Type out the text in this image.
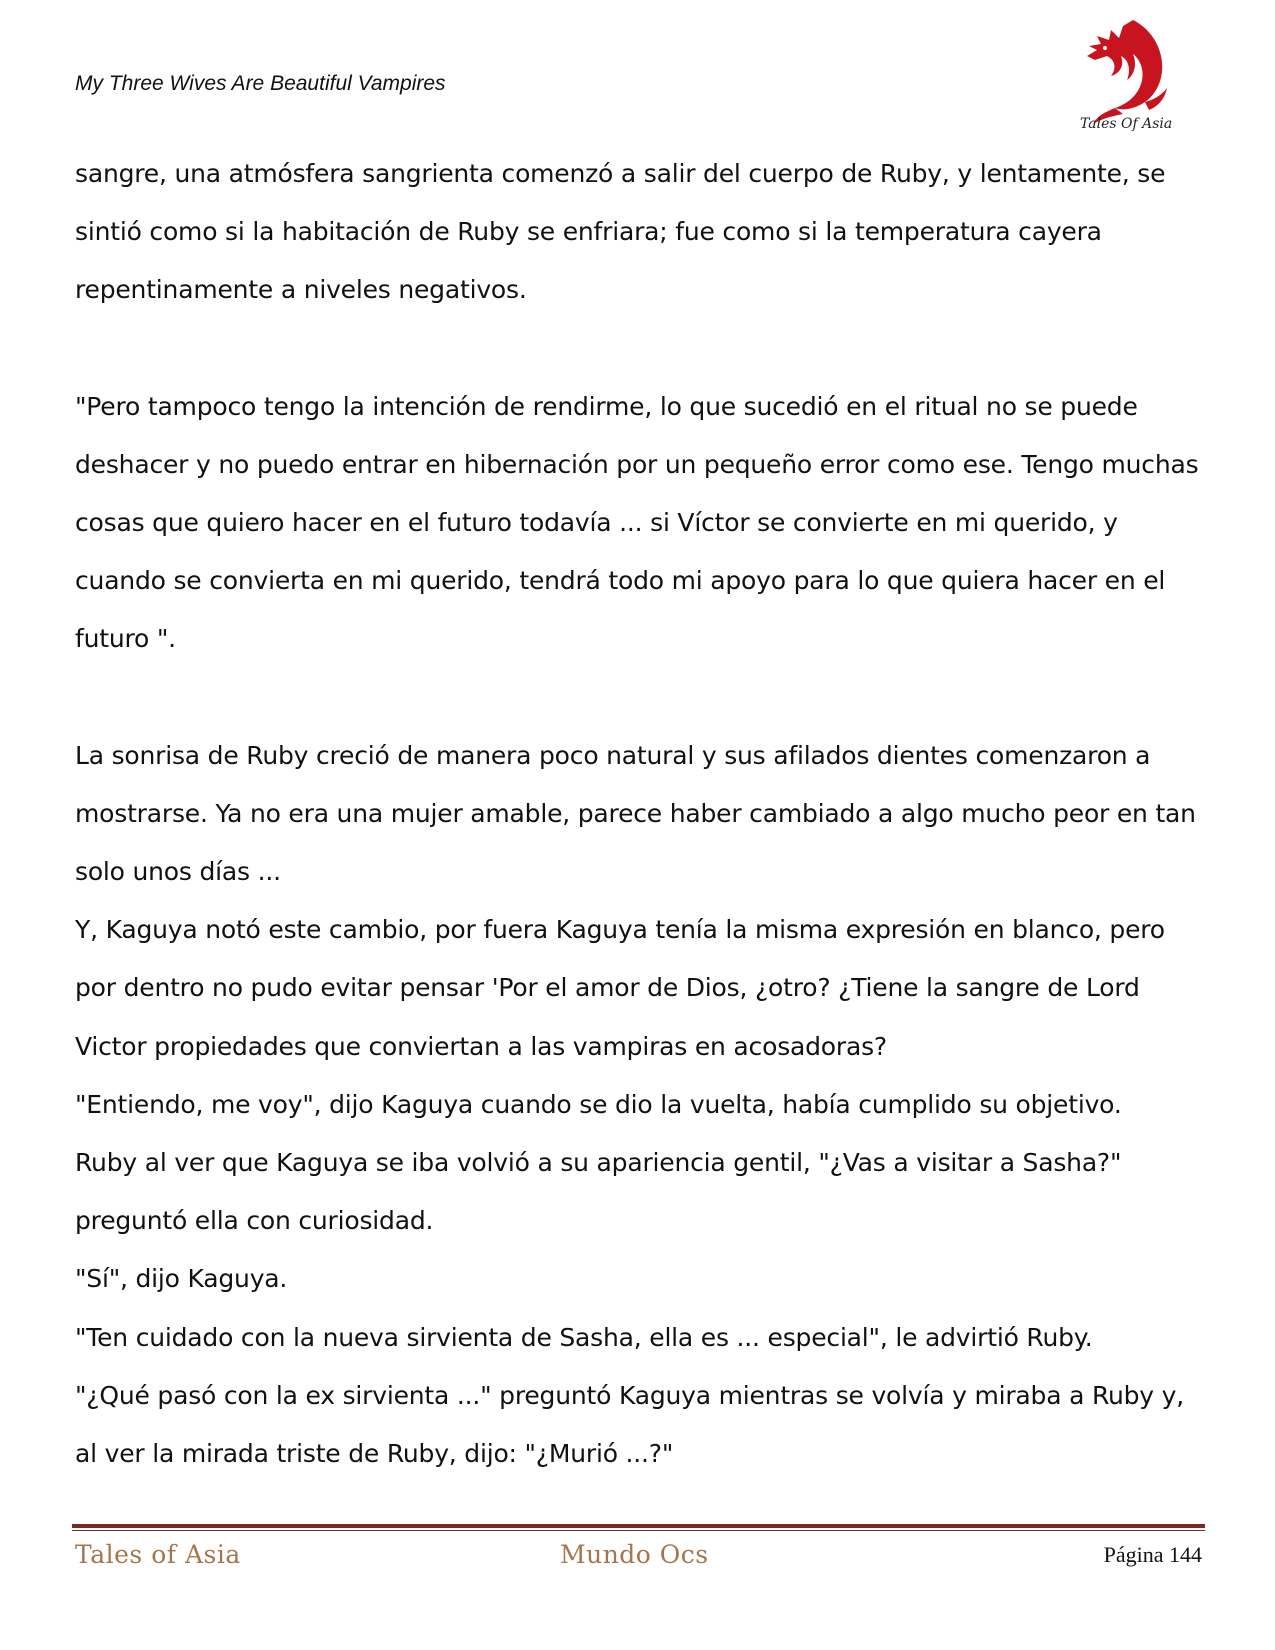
My Three Wives Are Beautiful Vampires
Tales Of Asia

sangre, una atmósfera sangrienta comenzó a salir del cuerpo de Ruby, y lentamente, se sintió como si la habitación de Ruby se enfriara; fue como si la temperatura cayera repentinamente a niveles negativos.

"Pero tampoco tengo la intención de rendirme, lo que sucedió en el ritual no se puede deshacer y no puedo entrar en hibernación por un pequeño error como ese. Tengo muchas cosas que quiero hacer en el futuro todavía ... si Víctor se convierte en mi querido, y cuando se convierta en mi querido, tendrá todo mi apoyo para lo que quiera hacer en el futuro ".

La sonrisa de Ruby creció de manera poco natural y sus afilados dientes comenzaron a mostrarse. Ya no era una mujer amable, parece haber cambiado a algo mucho peor en tan solo unos días ...

Y, Kaguya notó este cambio, por fuera Kaguya tenía la misma expresión en blanco, pero por dentro no pudo evitar pensar 'Por el amor de Dios, ¿otro? ¿Tiene la sangre de Lord Victor propiedades que conviertan a las vampiras en acosadoras?

"Entiendo, me voy", dijo Kaguya cuando se dio la vuelta, había cumplido su objetivo.

Ruby al ver que Kaguya se iba volvió a su apariencia gentil, "¿Vas a visitar a Sasha?" preguntó ella con curiosidad.

"Sí", dijo Kaguya.

"Ten cuidado con la nueva sirvienta de Sasha, ella es ... especial", le advirtió Ruby.

"¿Qué pasó con la ex sirvienta ..." preguntó Kaguya mientras se volvía y miraba a Ruby y, al ver la mirada triste de Ruby, dijo: "¿Murió ...?"

Tales of Asia	Mundo Ocs	Página 144
